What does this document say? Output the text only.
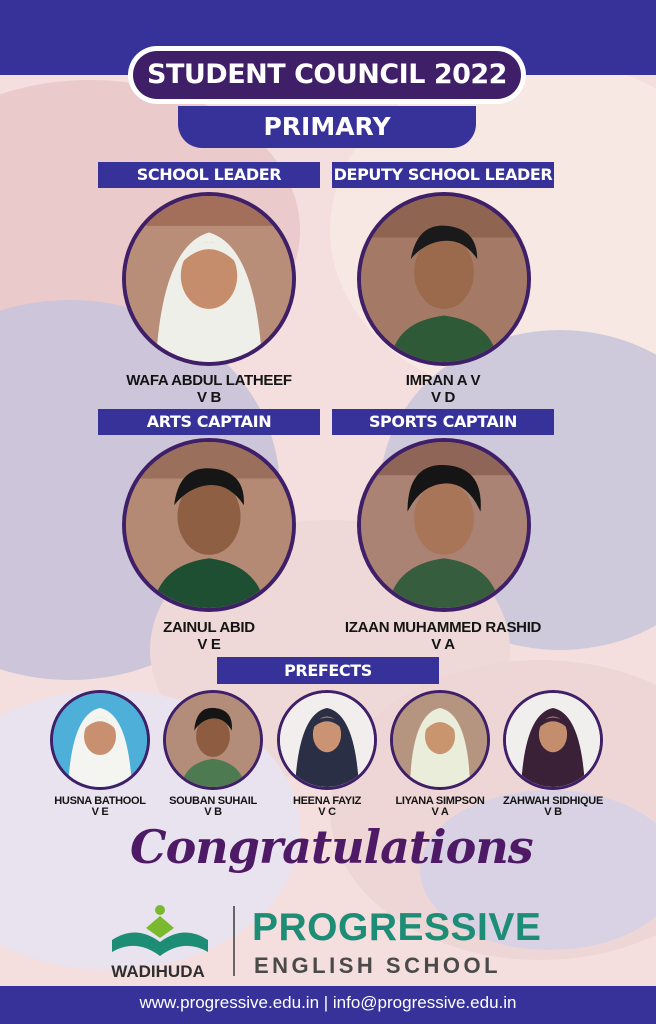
STUDENT COUNCIL 2022
PRIMARY
SCHOOL LEADER	DEPUTY SCHOOL LEADER
WAFA ABDUL LATHEEF
V B
IMRAN A V
V D
ARTS CAPTAIN	SPORTS CAPTAIN
ZAINUL ABID
V E
IZAAN MUHAMMED RASHID
V A
PREFECTS
HUSNA BATHOOL
V E
SOUBAN SUHAIL
V B
HEENA FAYIZ
V C
LIYANA SIMPSON
V A
ZAHWAH SIDHIQUE
V B
Congratulations
WADIHUDA
PROGRESSIVE
ENGLISH SCHOOL
www.progressive.edu.in | info@progressive.edu.in
